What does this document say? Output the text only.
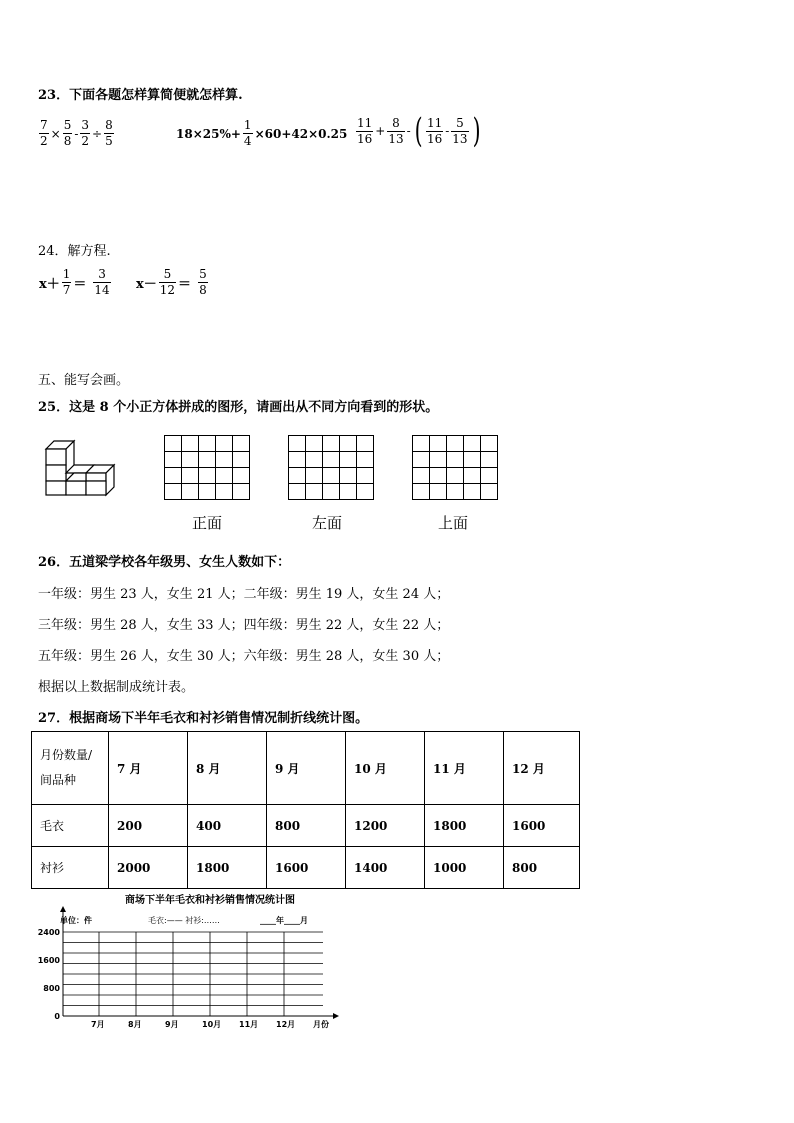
23．下面各题怎样算简便就怎样算.
$\frac{7}{2} \times \frac{5}{8} - \frac{3}{2} \div \frac{8}{5}$	$18\times 25\%+ \frac{1}{4} \times 60+42\times 0.25 \frac{11}{16} + \frac{8}{13}$ - ( $\frac{11}{16} - \frac{5}{13}$ )
24．解方程.
$x+ \frac{1}{7} = \frac{3}{14} x- \frac{5}{12} = \frac{5}{8}$
五、能写会画。
25．这是 8 个小正方体拼成的图形，请画出从不同方向看到的形状。

正面	左面	上面
26．五道梁学校各年级男、女生人数如下：
一年级：男生 23 人，女生 21 人；二年级：男生 19 人，女生 24 人；
三年级：男生 28 人，女生 33 人；四年级：男生 22 人，女生 22 人；
五年级：男生 26 人，女生 30 人；六年级：男生 28 人，女生 30 人；
根据以上数据制成统计表。
27．根据商场下半年毛衣和衬衫销售情况制折线统计图。
月份数量/
间品种	7 月	8 月	9 月	10 月	11 月	12 月
毛衣	200	400	800	1200	1800	1600
衬衫	2000	1800	1600	1400	1000	800
商场下半年毛衣和衬衫销售情况统计图
单位：件	毛衣:—— 衬衫:……	____年____月
2400
1600
800
0
7月	8月	9月	10月 11月 12月 月份
